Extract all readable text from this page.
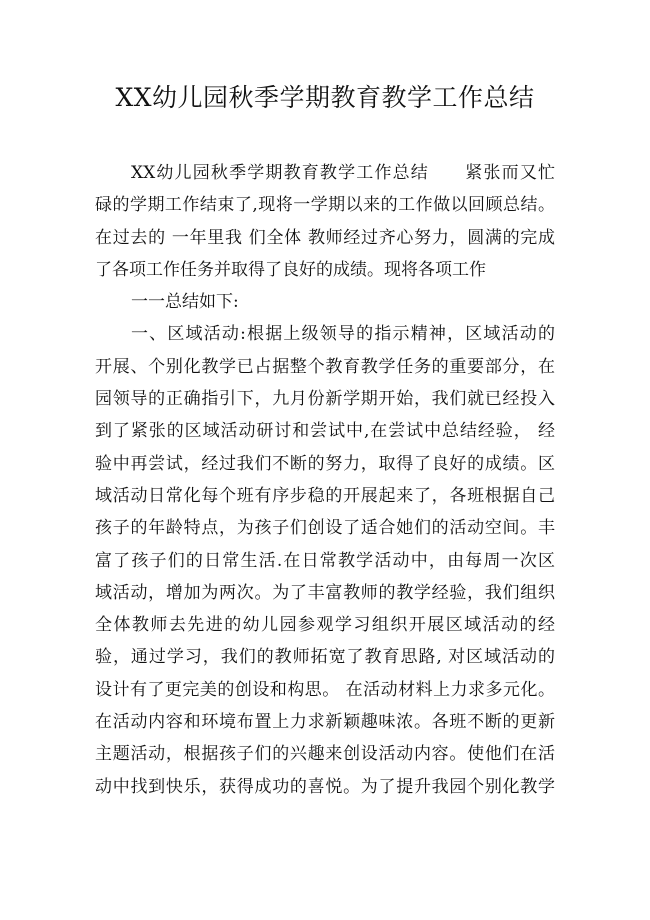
XX幼儿园秋季学期教育教学工作总结
XX幼儿园秋季学期教育教学工作总结　　紧张而又忙
碌的学期工作结束了,现将一学期以来的工作做以回顾总结。
在过去的 一年里我 们全体 教师经过齐心努力，圆满的完成
了各项工作任务并取得了良好的成绩。现将各项工作
一一总结如下:
一、区域活动:根据上级领导的指示精神，区域活动的
开展、个别化教学已占据整个教育教学任务的重要部分，在
园领导的正确指引下，九月份新学期开始，我们就已经投入
到了紧张的区域活动研讨和尝试中,在尝试中总结经验， 经
验中再尝试，经过我们不断的努力，取得了良好的成绩。区
域活动日常化每个班有序步稳的开展起来了，各班根据自己
孩子的年龄特点，为孩子们创设了适合她们的活动空间。丰
富了孩子们的日常生活.在日常教学活动中，由每周一次区
域活动，增加为两次。为了丰富教师的教学经验，我们组织
全体教师去先进的幼儿园参观学习组织开展区域活动的经
验，通过学习，我们的教师拓宽了教育思路, 对区域活动的
设计有了更完美的创设和构思。 在活动材料上力求多元化。
在活动内容和环境布置上力求新颖趣味浓。各班不断的更新
主题活动，根据孩子们的兴趣来创设活动内容。使他们在活
动中找到快乐，获得成功的喜悦。为了提升我园个别化教学
